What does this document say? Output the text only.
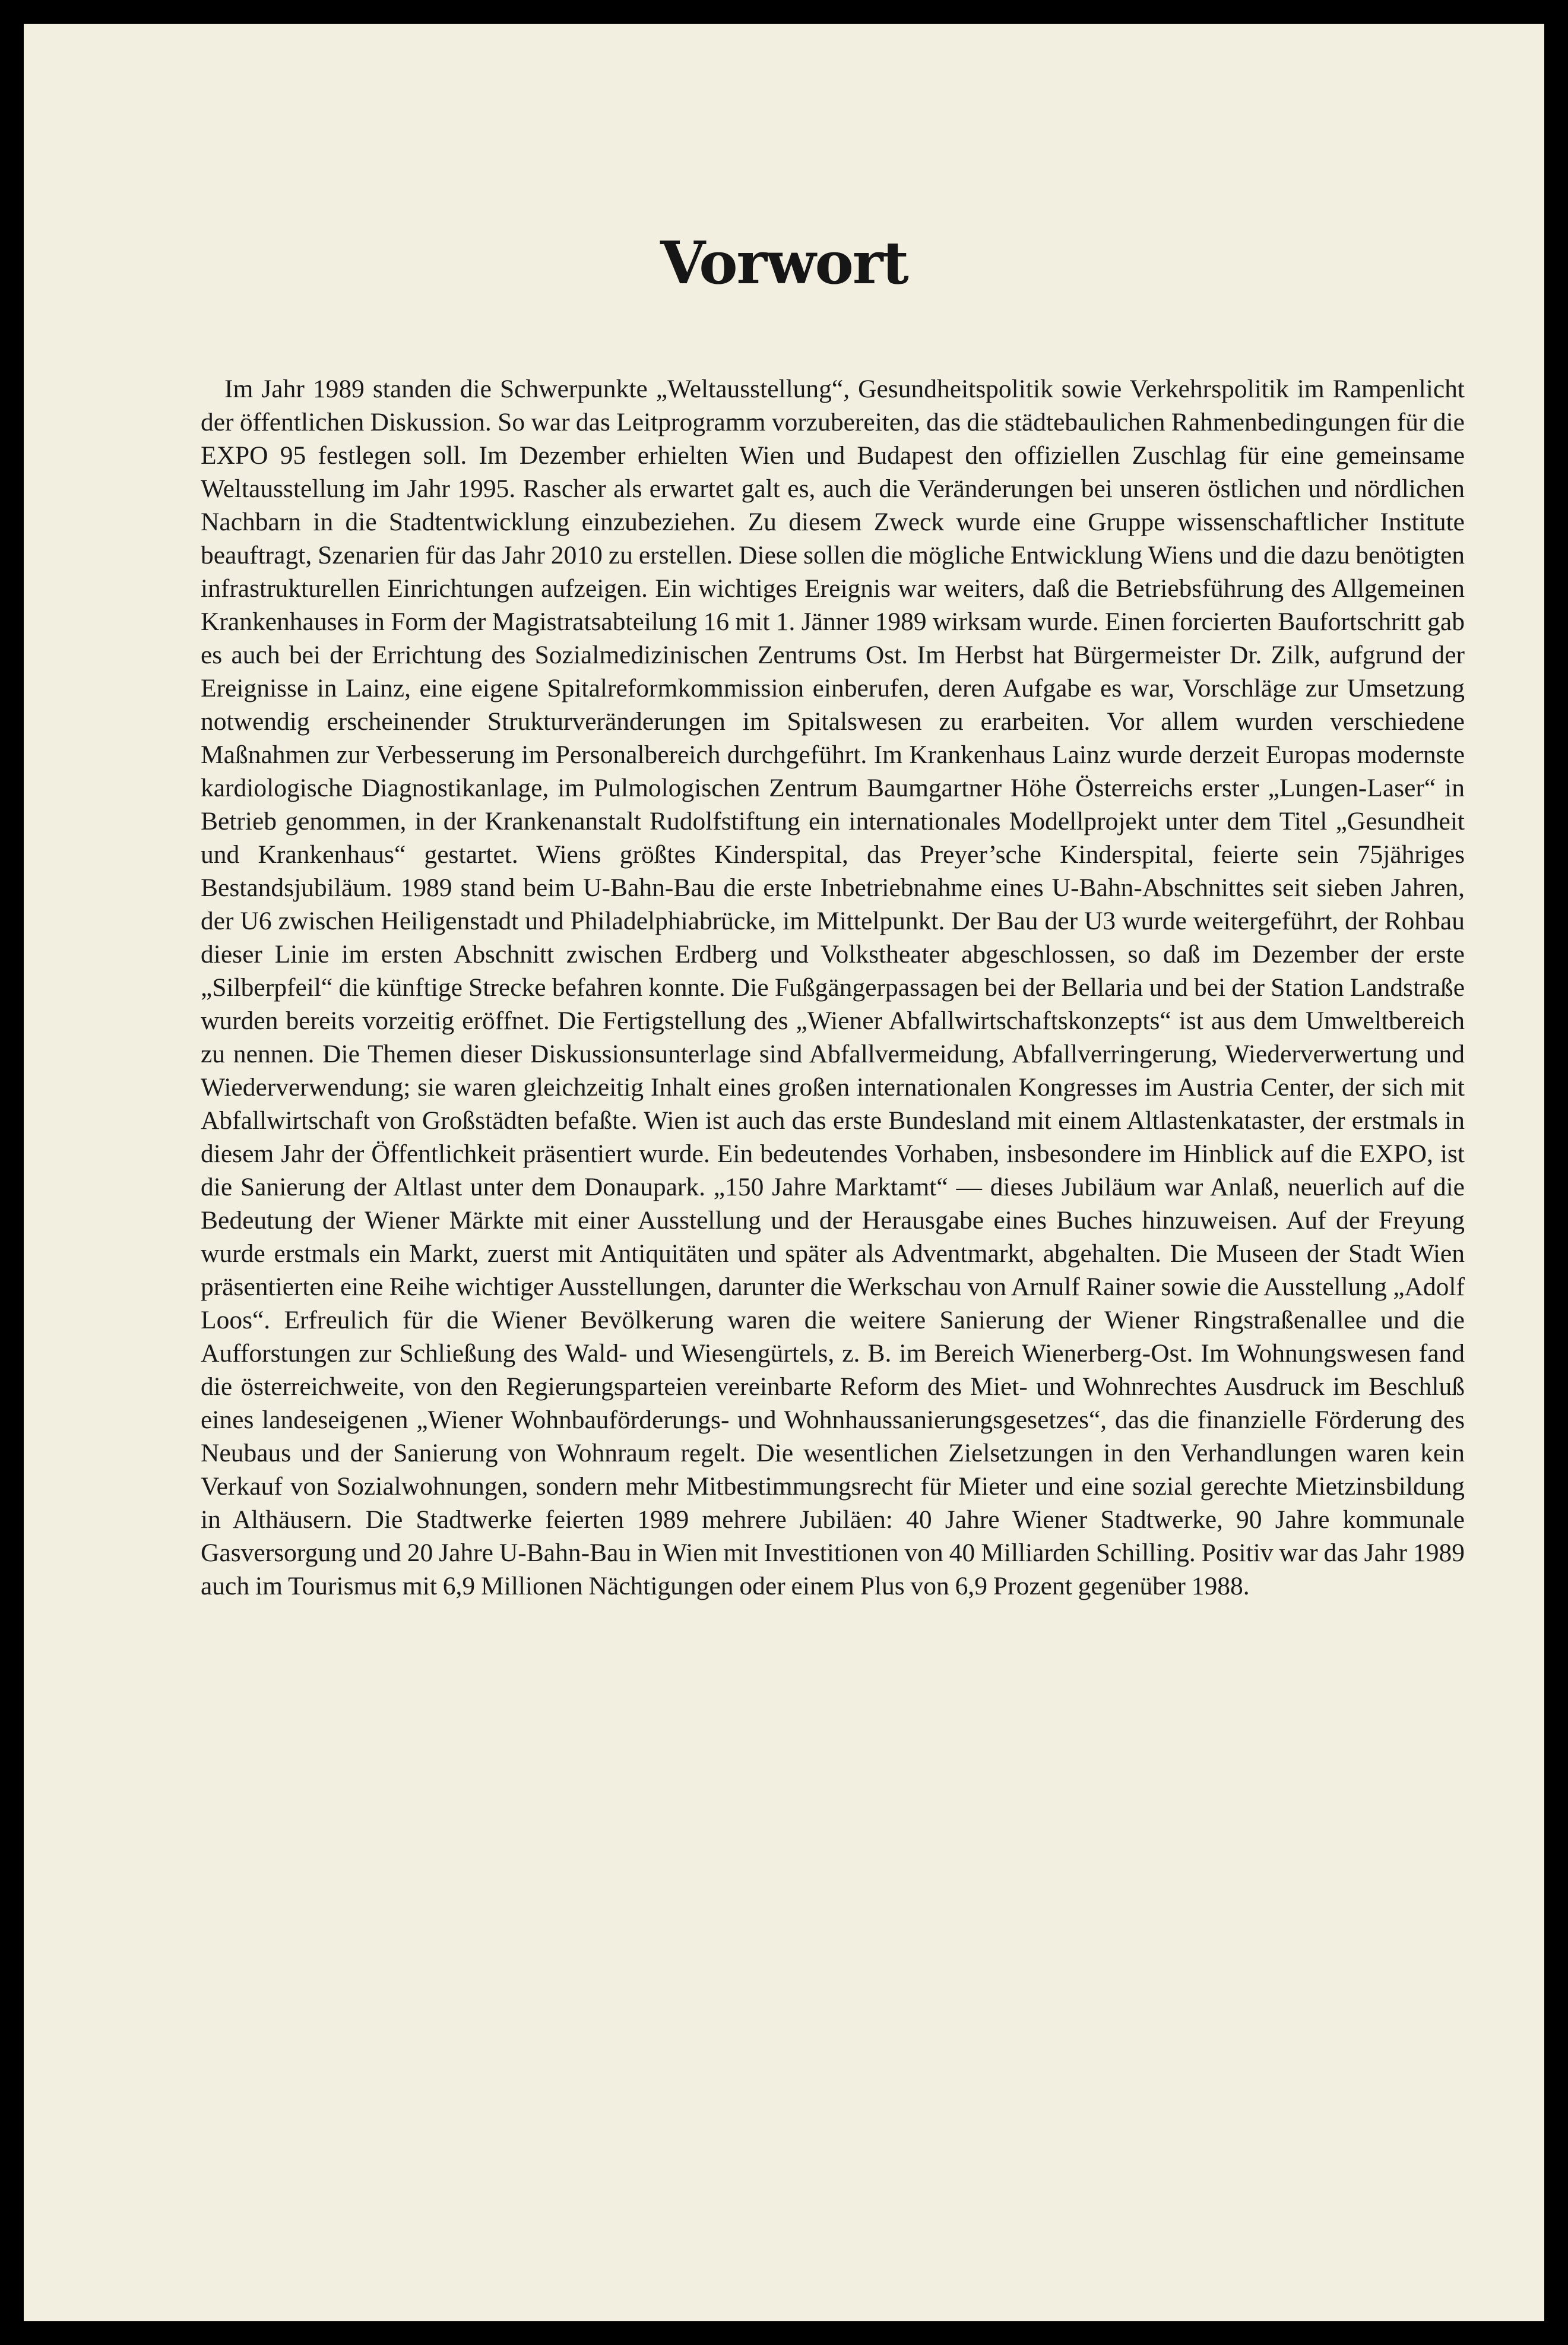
Vorwort

Im Jahr 1989 standen die Schwerpunkte „Weltausstellung“, Gesundheitspolitik sowie Verkehrspolitik im Rampenlicht der öffentlichen Diskussion. So war das Leitprogramm vorzubereiten, das die städtebaulichen Rahmenbedingungen für die EXPO 95 festlegen soll. Im Dezember erhielten Wien und Budapest den offiziellen Zuschlag für eine gemeinsame Weltausstellung im Jahr 1995. Rascher als erwartet galt es, auch die Veränderungen bei unseren östlichen und nördlichen Nachbarn in die Stadtentwicklung einzubeziehen. Zu diesem Zweck wurde eine Gruppe wissenschaftlicher Institute beauftragt, Szenarien für das Jahr 2010 zu erstellen. Diese sollen die mögliche Entwicklung Wiens und die dazu benötigten infrastrukturellen Einrichtungen aufzeigen. Ein wichtiges Ereignis war weiters, daß die Betriebsführung des Allgemeinen Krankenhauses in Form der Magistratsabteilung 16 mit 1. Jänner 1989 wirksam wurde. Einen forcierten Baufortschritt gab es auch bei der Errichtung des Sozialmedizinischen Zentrums Ost. Im Herbst hat Bürgermeister Dr. Zilk, aufgrund der Ereignisse in Lainz, eine eigene Spitalreformkommission einberufen, deren Aufgabe es war, Vorschläge zur Umsetzung notwendig erscheinender Strukturveränderungen im Spitalswesen zu erarbeiten. Vor allem wurden verschiedene Maßnahmen zur Verbesserung im Personalbereich durchgeführt. Im Krankenhaus Lainz wurde derzeit Europas modernste kardiologische Diagnostikanlage, im Pulmologischen Zentrum Baumgartner Höhe Österreichs erster „Lungen-Laser“ in Betrieb genommen, in der Krankenanstalt Rudolfstiftung ein internationales Modellprojekt unter dem Titel „Gesundheit und Krankenhaus“ gestartet. Wiens größtes Kinderspital, das Preyer’sche Kinderspital, feierte sein 75jähriges Bestandsjubiläum. 1989 stand beim U-Bahn-Bau die erste Inbetriebnahme eines U-Bahn-Abschnittes seit sieben Jahren, der U6 zwischen Heiligenstadt und Philadelphiabrücke, im Mittelpunkt. Der Bau der U3 wurde weitergeführt, der Rohbau dieser Linie im ersten Abschnitt zwischen Erdberg und Volkstheater abgeschlossen, so daß im Dezember der erste „Silberpfeil“ die künftige Strecke befahren konnte. Die Fußgängerpassagen bei der Bellaria und bei der Station Landstraße wurden bereits vorzeitig eröffnet. Die Fertigstellung des „Wiener Abfallwirtschaftskonzepts“ ist aus dem Umweltbereich zu nennen. Die Themen dieser Diskussionsunterlage sind Abfallvermeidung, Abfallverringerung, Wiederverwertung und Wiederverwendung; sie waren gleichzeitig Inhalt eines großen internationalen Kongresses im Austria Center, der sich mit Abfallwirtschaft von Großstädten befaßte. Wien ist auch das erste Bundesland mit einem Altlastenkataster, der erstmals in diesem Jahr der Öffentlichkeit präsentiert wurde. Ein bedeutendes Vorhaben, insbesondere im Hinblick auf die EXPO, ist die Sanierung der Altlast unter dem Donaupark. „150 Jahre Marktamt“ — dieses Jubiläum war Anlaß, neuerlich auf die Bedeutung der Wiener Märkte mit einer Ausstellung und der Herausgabe eines Buches hinzuweisen. Auf der Freyung wurde erstmals ein Markt, zuerst mit Antiquitäten und später als Adventmarkt, abgehalten. Die Museen der Stadt Wien präsentierten eine Reihe wichtiger Ausstellungen, darunter die Werkschau von Arnulf Rainer sowie die Ausstellung „Adolf Loos“. Erfreulich für die Wiener Bevölkerung waren die weitere Sanierung der Wiener Ringstraßenallee und die Aufforstungen zur Schließung des Wald- und Wiesengürtels, z. B. im Bereich Wienerberg-Ost. Im Wohnungswesen fand die österreichweite, von den Regierungsparteien vereinbarte Reform des Miet- und Wohnrechtes Ausdruck im Beschluß eines landeseigenen „Wiener Wohnbauförderungs- und Wohnhaussanierungsgesetzes“, das die finanzielle Förderung des Neubaus und der Sanierung von Wohnraum regelt. Die wesentlichen Zielsetzungen in den Verhandlungen waren kein Verkauf von Sozialwohnungen, sondern mehr Mitbestimmungsrecht für Mieter und eine sozial gerechte Mietzinsbildung in Althäusern. Die Stadtwerke feierten 1989 mehrere Jubiläen: 40 Jahre Wiener Stadtwerke, 90 Jahre kommunale Gasversorgung und 20 Jahre U-Bahn-Bau in Wien mit Investitionen von 40 Milliarden Schilling. Positiv war das Jahr 1989 auch im Tourismus mit 6,9 Millionen Nächtigungen oder einem Plus von 6,9 Prozent gegenüber 1988.
